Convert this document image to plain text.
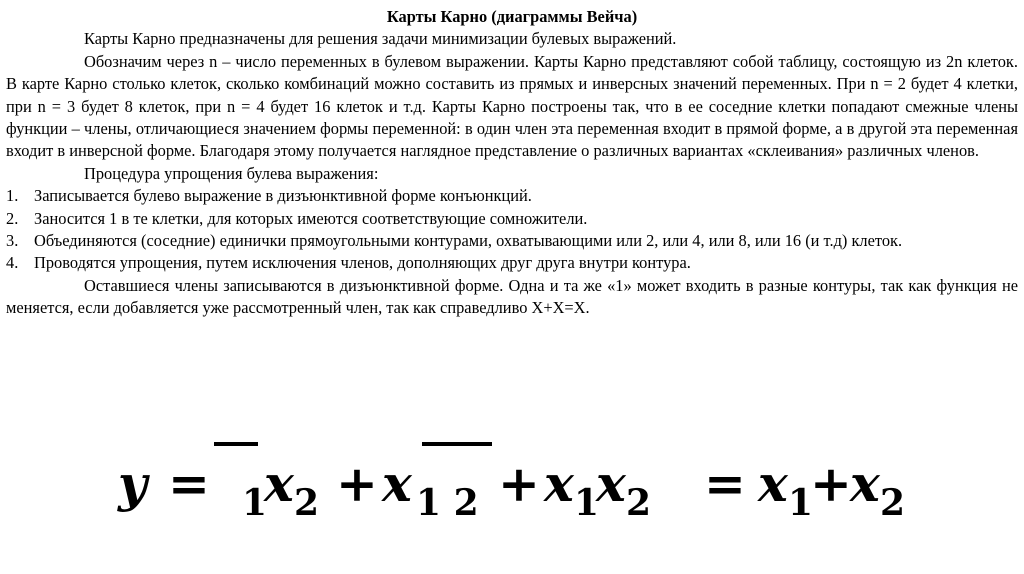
Карты Карно (диаграммы Вейча)
Карты Карно предназначены для решения задачи минимизации булевых выражений.
Обозначим через n – число переменных в булевом выражении. Карты Карно представляют собой таблицу, состоящую из 2n клеток. В карте Карно столько клеток, сколько комбинаций можно составить из прямых и инверсных значений переменных. При n = 2 будет 4 клетки, при n = 3 будет 8 клеток, при n = 4 будет 16 клеток и т.д. Карты Карно построены так, что в ее соседние клетки попадают смежные члены функции – члены, отличающиеся значением формы переменной: в один член эта переменная входит в прямой форме, а в другой эта переменная входит в инверсной форме. Благодаря этому получается наглядное представление о различных вариантах «склеивания» различных членов.
Процедура упрощения булева выражения:
1. Записывается булево выражение в дизъюнктивной форме конъюнкций.
2. Заносится 1 в те клетки, для которых имеются соответствующие сомножители.
3. Объединяются (соседние) единички прямоугольными контурами, охватывающими или 2, или 4, или 8, или 16 (и т.д) клеток.
4. Проводятся упрощения, путем исключения членов, дополняющих друг друга внутри контура.
Оставшиеся члены записываются в дизъюнктивной форме. Одна и та же «1» может входить в разные контуры, так как функция не меняется, если добавляется уже рассмотренный член, так как справедливо X+X=X.
y = 1
x 2 + x 1 2 + x 1
x 2 = x 1
+
x 2
